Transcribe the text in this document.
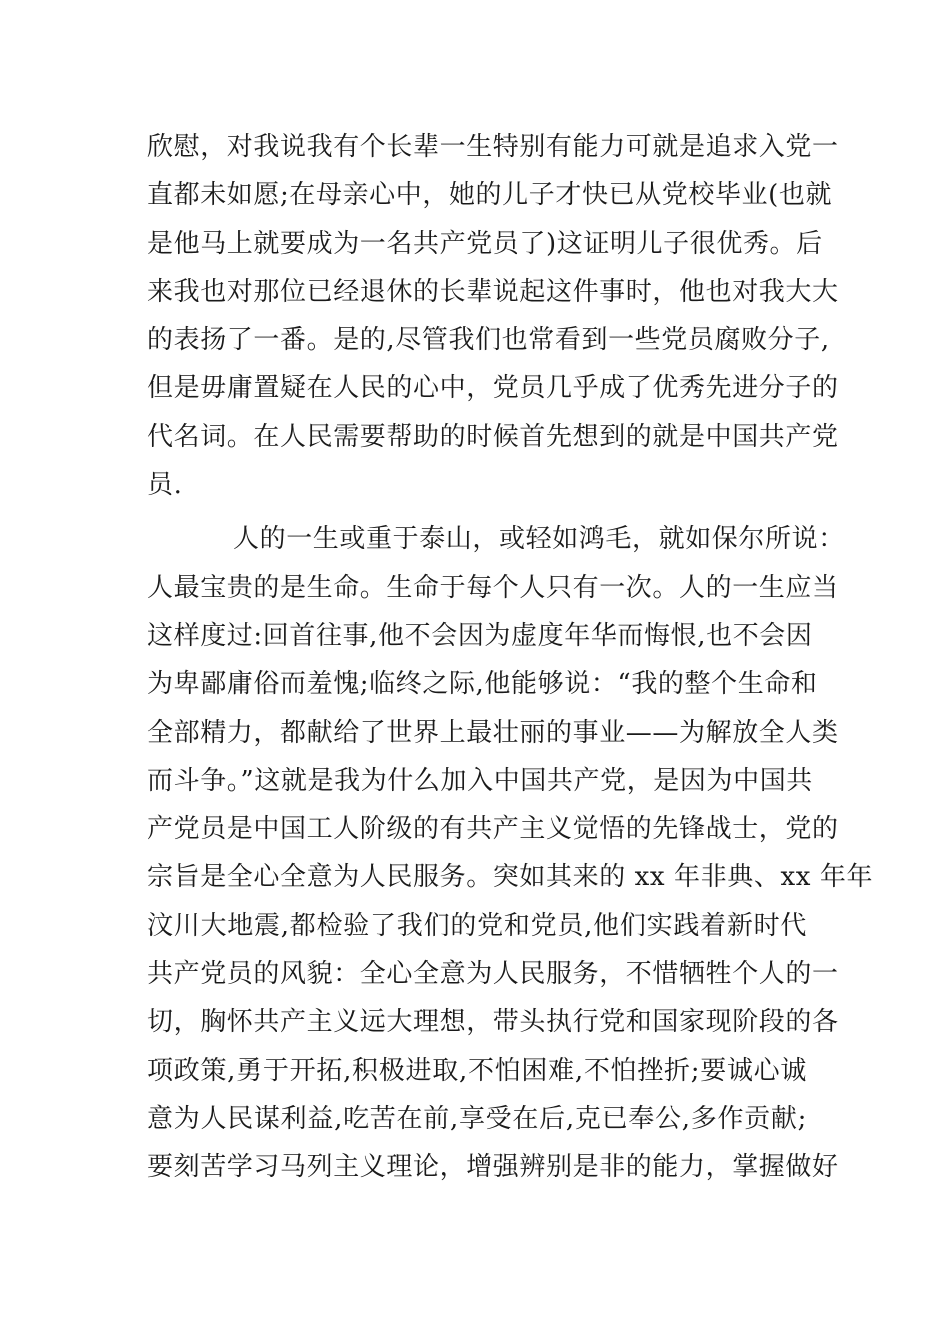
欣慰，对我说我有个长辈一生特别有能力可就是追求入党一
直都未如愿;在母亲心中，她的儿子才快已从党校毕业(也就
是他马上就要成为一名共产党员了)这证明儿子很优秀。后
来我也对那位已经退休的长辈说起这件事时，他也对我大大
的表扬了一番。是的,尽管我们也常看到一些党员腐败分子,
但是毋庸置疑在人民的心中，党员几乎成了优秀先进分子的
代名词。在人民需要帮助的时候首先想到的就是中国共产党
员.
人的一生或重于泰山，或轻如鸿毛，就如保尔所说：
人最宝贵的是生命。生命于每个人只有一次。人的一生应当
这样度过:回首往事,他不会因为虚度年华而悔恨,也不会因
为卑鄙庸俗而羞愧;临终之际,他能够说：“我的整个生命和
全部精力，都献给了世界上最壮丽的事业——为解放全人类
而斗争。”这就是我为什么加入中国共产党，是因为中国共
产党员是中国工人阶级的有共产主义觉悟的先锋战士，党的
宗旨是全心全意为人民服务。突如其来的 xx 年非典、xx 年年
汶川大地震,都检验了我们的党和党员,他们实践着新时代
共产党员的风貌：全心全意为人民服务，不惜牺牲个人的一
切，胸怀共产主义远大理想，带头执行党和国家现阶段的各
项政策,勇于开拓,积极进取,不怕困难,不怕挫折;要诚心诚
意为人民谋利益,吃苦在前,享受在后,克已奉公,多作贡献;
要刻苦学习马列主义理论，增强辨别是非的能力，掌握做好
